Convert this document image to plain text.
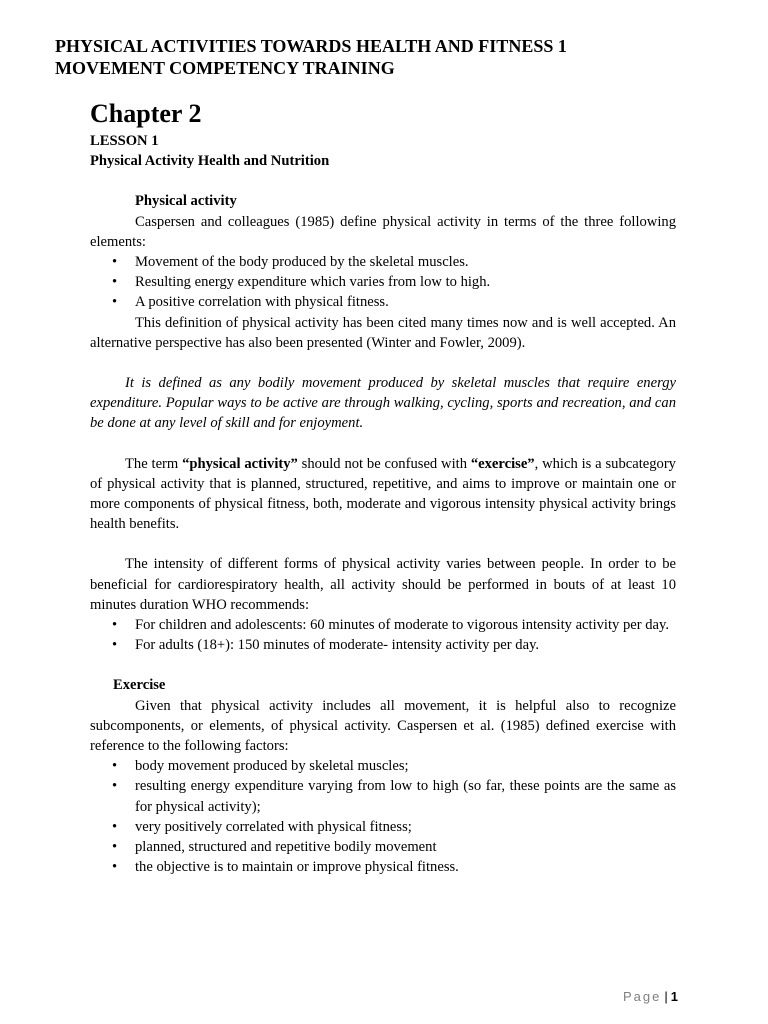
PHYSICAL ACTIVITIES TOWARDS HEALTH AND FITNESS 1
MOVEMENT COMPETENCY TRAINING
Chapter 2
LESSON 1
Physical Activity Health and Nutrition
Physical activity

Caspersen and colleagues (1985) define physical activity in terms of the three following elements:

• Movement of the body produced by the skeletal muscles.
• Resulting energy expenditure which varies from low to high.
• A positive correlation with physical fitness.

This definition of physical activity has been cited many times now and is well accepted. An alternative perspective has also been presented (Winter and Fowler, 2009).

It is defined as any bodily movement produced by skeletal muscles that require energy expenditure. Popular ways to be active are through walking, cycling, sports and recreation, and can be done at any level of skill and for enjoyment.

The term “physical activity” should not be confused with “exercise”, which is a subcategory of physical activity that is planned, structured, repetitive, and aims to improve or maintain one or more components of physical fitness, both, moderate and vigorous intensity physical activity brings health benefits.

The intensity of different forms of physical activity varies between people. In order to be beneficial for cardiorespiratory health, all activity should be performed in bouts of at least 10 minutes duration WHO recommends:

• For children and adolescents: 60 minutes of moderate to vigorous intensity activity per day.
• For adults (18+): 150 minutes of moderate- intensity activity per day.
Exercise

Given that physical activity includes all movement, it is helpful also to recognize subcomponents, or elements, of physical activity. Caspersen et al. (1985) defined exercise with reference to the following factors:

• body movement produced by skeletal muscles;
• resulting energy expenditure varying from low to high (so far, these points are the same as for physical activity);
• very positively correlated with physical fitness;
• planned, structured and repetitive bodily movement
• the objective is to maintain or improve physical fitness.
Page | 1
